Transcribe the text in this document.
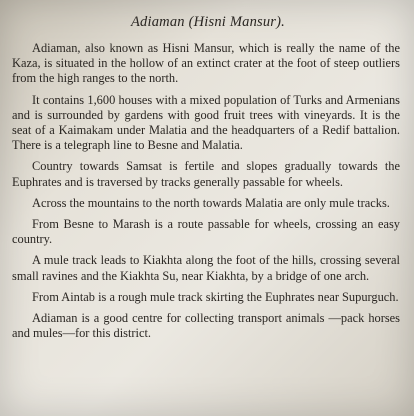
Adiaman (Hisni Mansur).

Adiaman, also known as Hisni Mansur, which is really the name of the Kaza, is situated in the hollow of an extinct crater at the foot of steep outliers from the high ranges to the north.

It contains 1,600 houses with a mixed population of Turks and Armenians and is surrounded by gardens with good fruit trees with vineyards. It is the seat of a Kaimakam under Malatia and the headquarters of a Redif battalion. There is a telegraph line to Besne and Malatia.

Country towards Samsat is fertile and slopes gradually towards the Euphrates and is traversed by tracks generally passable for wheels.

Across the mountains to the north towards Malatia are only mule tracks.

From Besne to Marash is a route passable for wheels, crossing an easy country.

A mule track leads to Kiakhta along the foot of the hills, crossing several small ravines and the Kiakhta Su, near Kiakhta, by a bridge of one arch.

From Aintab is a rough mule track skirting the Euphrates near Supurguch.

Adiaman is a good centre for collecting transport animals —pack horses and mules—for this district.
